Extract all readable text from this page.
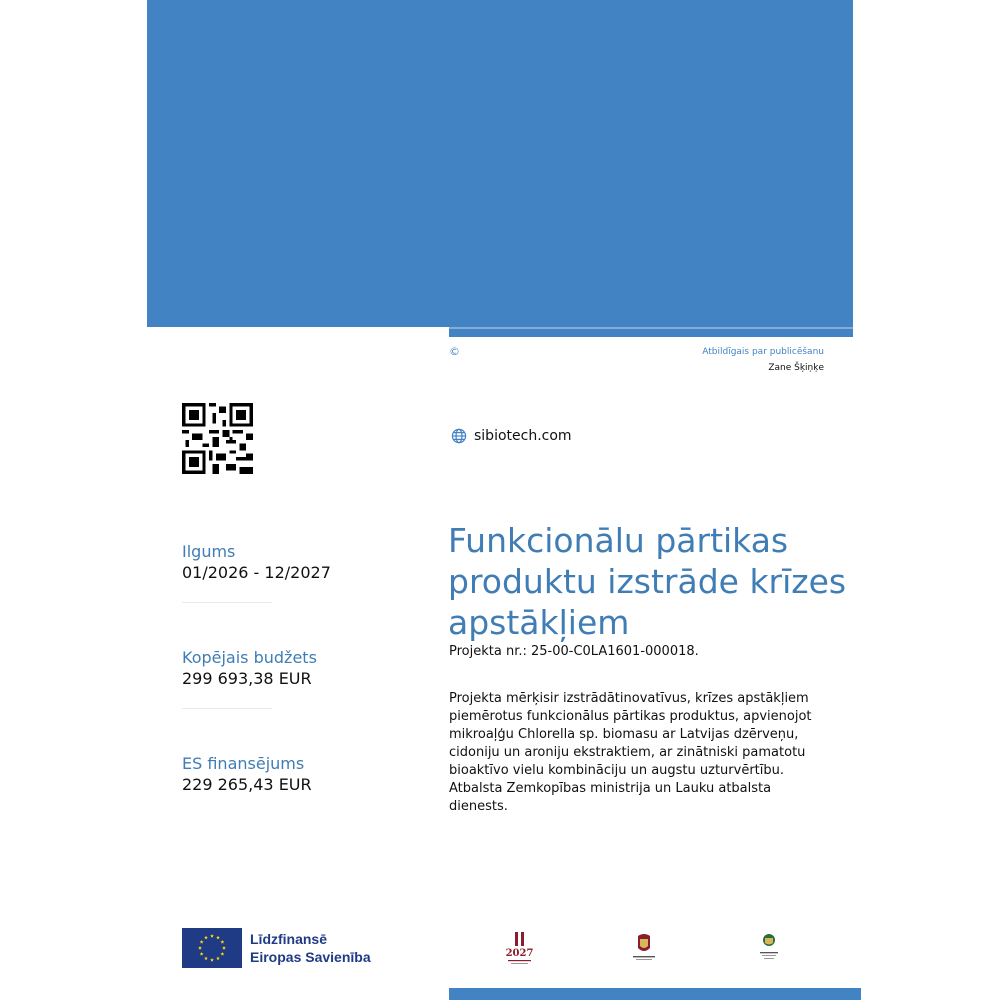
©	Atbildīgais par publicēšanu
Zane Šķiņķe
sibiotech.com
Ilgums
01/2026 - 12/2027
Kopējais budžets
299 693,38 EUR
ES finansējums
229 265,43 EUR
Funkcionālu pārtikas produktu izstrāde krīzes apstākļiem
Projekta nr.: 25-00-C0LA1601-000018.

Projekta mērķisir izstrādātinovatīvus, krīzes apstākļiem piemērotus funkcionālus pārtikas produktus, apvienojot mikroaļģu Chlorella sp. biomasu ar Latvijas dzērveņu, cidoniju un aroniju ekstraktiem, ar zinātniski pamatotu bioaktīvo vielu kombināciju un augstu uzturvērtību.

Atbalsta Zemkopības ministrija un Lauku atbalsta dienests.

Līdzfinansē
Eiropas Savienība	2027
